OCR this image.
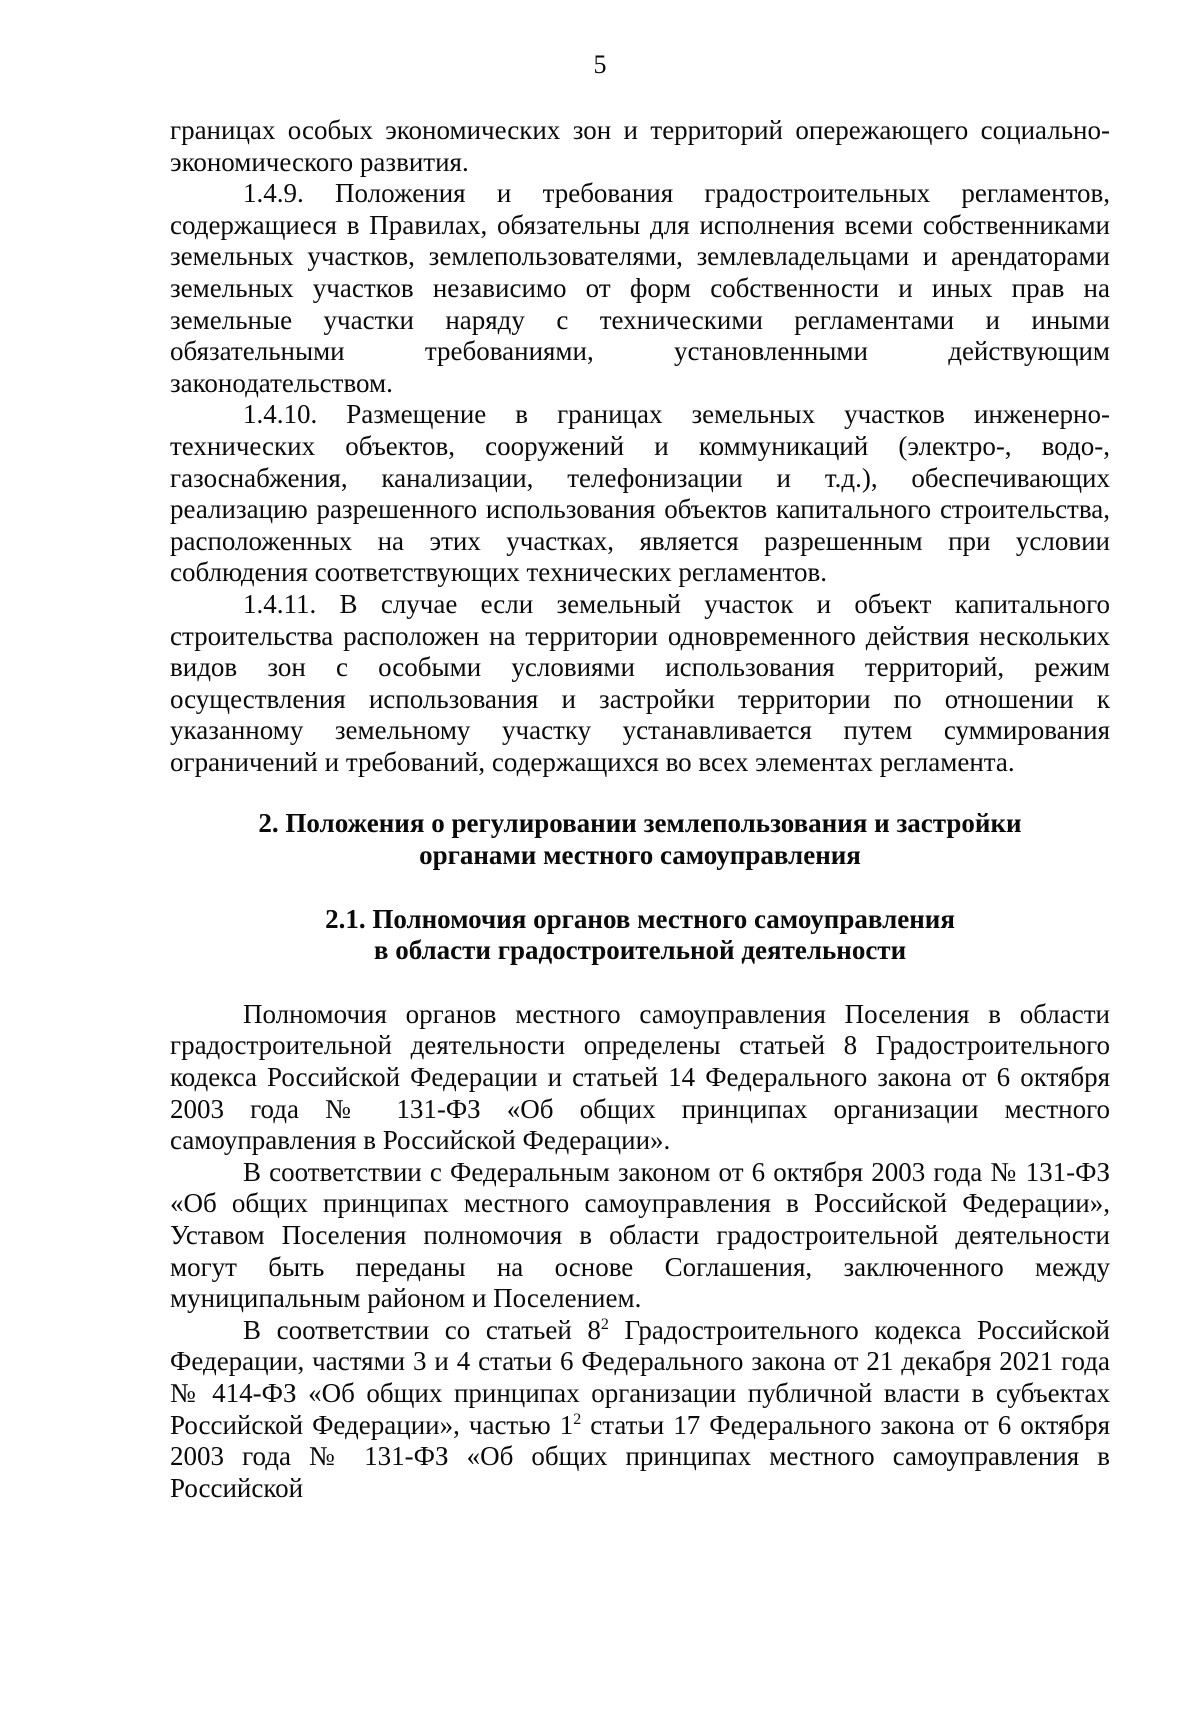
5

границах особых экономических зон и территорий опережающего социально-экономического развития.

1.4.9. Положения и требования градостроительных регламентов, содержащиеся в Правилах, обязательны для исполнения всеми собственниками земельных участков, землепользователями, землевладельцами и арендаторами земельных участков независимо от форм собственности и иных прав на земельные участки наряду с техническими регламентами и иными обязательными требованиями, установленными действующим законодательством.

1.4.10. Размещение в границах земельных участков инженерно-технических объектов, сооружений и коммуникаций (электро-, водо-, газоснабжения, канализации, телефонизации и т.д.), обеспечивающих реализацию разрешенного использования объектов капитального строительства, расположенных на этих участках, является разрешенным при условии соблюдения соответствующих технических регламентов.

1.4.11. В случае если земельный участок и объект капитального строительства расположен на территории одновременного действия нескольких видов зон с особыми условиями использования территорий, режим осуществления использования и застройки территории по отношении к указанному земельному участку устанавливается путем суммирования ограничений и требований, содержащихся во всех элементах регламента.

2. Положения о регулировании землепользования и застройки
органами местного самоуправления
2.1. Полномочия органов местного самоуправления
в области градостроительной деятельности

Полномочия органов местного самоуправления Поселения в области градостроительной деятельности определены статьей 8 Градостроительного кодекса Российской Федерации и статьей 14 Федерального закона от 6 октября 2003 года № 131-ФЗ «Об общих принципах организации местного самоуправления в Российской Федерации».

В соответствии с Федеральным законом от 6 октября 2003 года № 131-ФЗ «Об общих принципах местного самоуправления в Российской Федерации», Уставом Поселения полномочия в области градостроительной деятельности могут быть переданы на основе Соглашения, заключенного между муниципальным районом и Поселением.

В соответствии со статьей $8^2$ Градостроительного кодекса Российской Федерации, частями 3 и 4 статьи 6 Федерального закона от 21 декабря 2021 года № 414-ФЗ «Об общих принципах организации публичной власти в субъектах Российской Федерации», частью $1^2$ статьи 17 Федерального закона от 6 октября 2003 года № 131-ФЗ «Об общих принципах местного самоуправления в Российской
